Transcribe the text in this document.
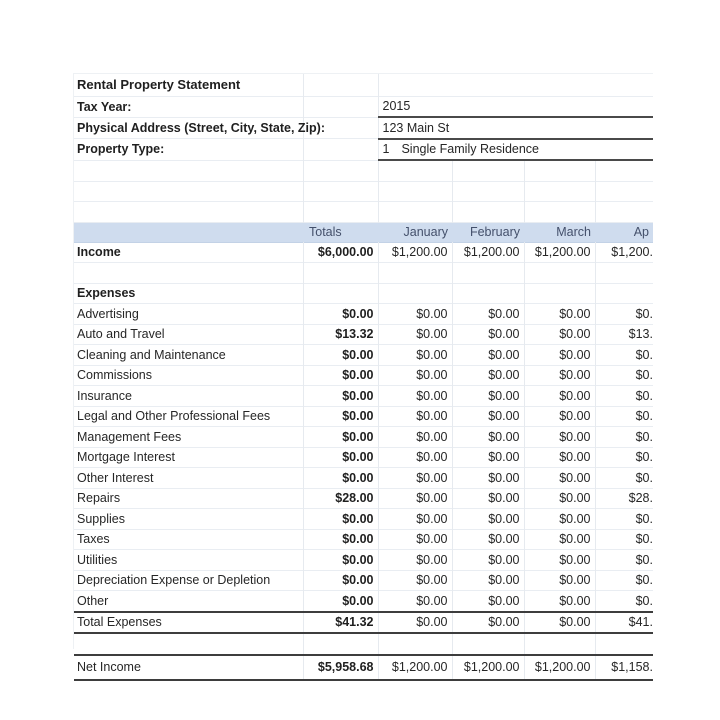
Rental Property Statement					
Tax Year:		2015			
Physical Address (Street, City, State, Zip):		123 Main St			
Property Type:		1 Single Family Residence			

	Totals	January	February	March	Ap
Income	$6,000.00	$1,200.00	$1,200.00	$1,200.00	$1,200.

Expenses					
Advertising	$0.00	$0.00	$0.00	$0.00	$0.
Auto and Travel	$13.32	$0.00	$0.00	$0.00	$13.
Cleaning and Maintenance	$0.00	$0.00	$0.00	$0.00	$0.
Commissions	$0.00	$0.00	$0.00	$0.00	$0.
Insurance	$0.00	$0.00	$0.00	$0.00	$0.
Legal and Other Professional Fees	$0.00	$0.00	$0.00	$0.00	$0.
Management Fees	$0.00	$0.00	$0.00	$0.00	$0.
Mortgage Interest	$0.00	$0.00	$0.00	$0.00	$0.
Other Interest	$0.00	$0.00	$0.00	$0.00	$0.
Repairs	$28.00	$0.00	$0.00	$0.00	$28.
Supplies	$0.00	$0.00	$0.00	$0.00	$0.
Taxes	$0.00	$0.00	$0.00	$0.00	$0.
Utilities	$0.00	$0.00	$0.00	$0.00	$0.
Depreciation Expense or Depletion	$0.00	$0.00	$0.00	$0.00	$0.
Other	$0.00	$0.00	$0.00	$0.00	$0.
Total Expenses	$41.32	$0.00	$0.00	$0.00	$41.

Net Income	$5,958.68	$1,200.00	$1,200.00	$1,200.00	$1,158.
